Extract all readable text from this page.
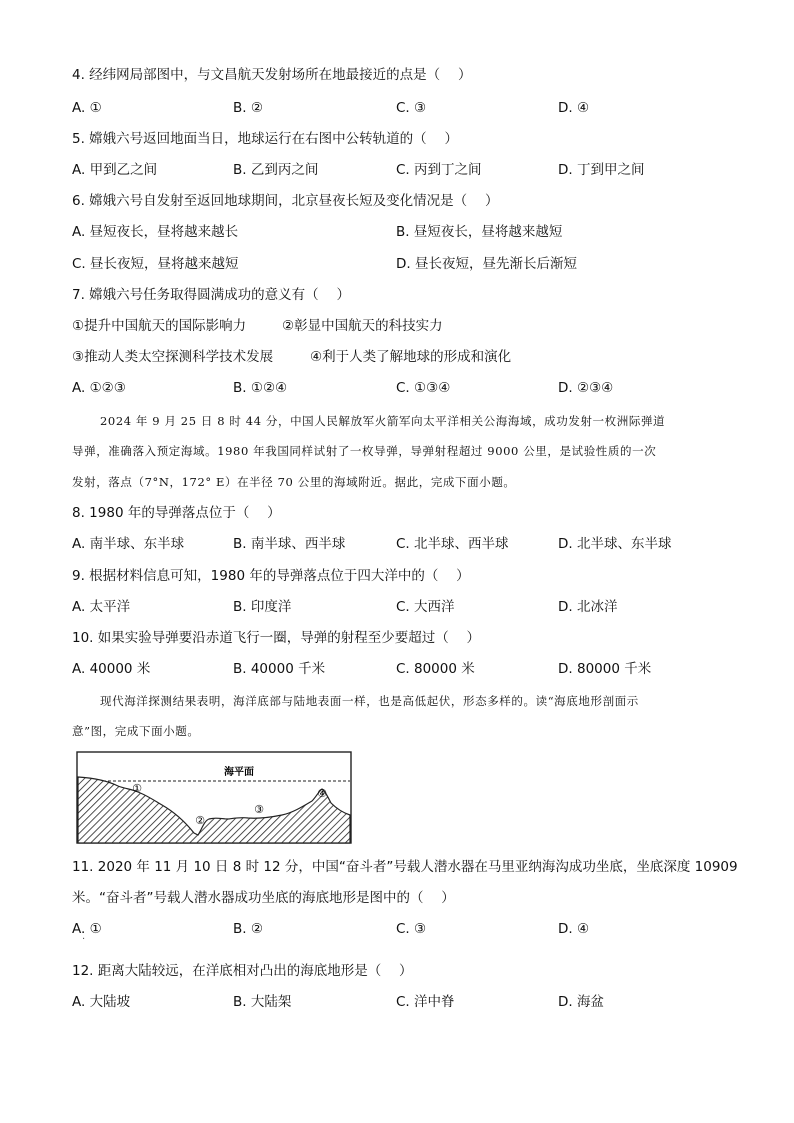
4. 经纬网局部图中，与文昌航天发射场所在地最接近的点是（　 ）
A. ①	B. ②	C. ③	D. ④
5. 嫦娥六号返回地面当日，地球运行在右图中公转轨道的（　 ）
A. 甲到乙之间	B. 乙到丙之间	C. 丙到丁之间	D. 丁到甲之间
6. 嫦娥六号自发射至返回地球期间，北京昼夜长短及变化情况是（　 ）
A. 昼短夜长，昼将越来越长	B. 昼短夜长，昼将越来越短
C. 昼长夜短，昼将越来越短	D. 昼长夜短，昼先渐长后渐短
7. 嫦娥六号任务取得圆满成功的意义有（　 ）
①提升中国航天的国际影响力	②彰显中国航天的科技实力
③推动人类太空探测科学技术发展	④利于人类了解地球的形成和演化
A. ①②③	B. ①②④	C. ①③④	D. ②③④
2024 年 9 月 25 日 8 时 44 分，中国人民解放军火箭军向太平洋相关公海海域，成功发射一枚洲际弹道
导弹，准确落入预定海域。1980 年我国同样试射了一枚导弹，导弹射程超过 9000 公里，是试验性质的一次
发射，落点（7°N，172° E）在半径 70 公里的海域附近。据此，完成下面小题。
8. 1980 年的导弹落点位于（　 ）
A. 南半球、东半球	B. 南半球、西半球	C. 北半球、西半球	D. 北半球、东半球
9. 根据材料信息可知，1980 年的导弹落点位于四大洋中的（　 ）
A. 太平洋	B. 印度洋	C. 大西洋	D. 北冰洋
10. 如果实验导弹要沿赤道飞行一圈，导弹的射程至少要超过（　 ）
A. 40000 米	B. 40000 千米	C. 80000 米	D. 80000 千米
现代海洋探测结果表明，海洋底部与陆地表面一样，也是高低起伏，形态多样的。读“海底地形剖面示
意”图，完成下面小题。
海平面
①
②
③
④
11. 2020 年 11 月 10 日 8 时 12 分，中国“奋斗者”号载人潜水器在马里亚纳海沟成功坐底，坐底深度 10909
米。“奋斗者”号载人潜水器成功坐底的海底地形是图中的（　 ）
A. ①
·
B. ②	C. ③	D. ④
12. 距离大陆较远，在洋底相对凸出的海底地形是（　 ）
A. 大陆坡	B. 大陆架	C. 洋中脊	D. 海盆
